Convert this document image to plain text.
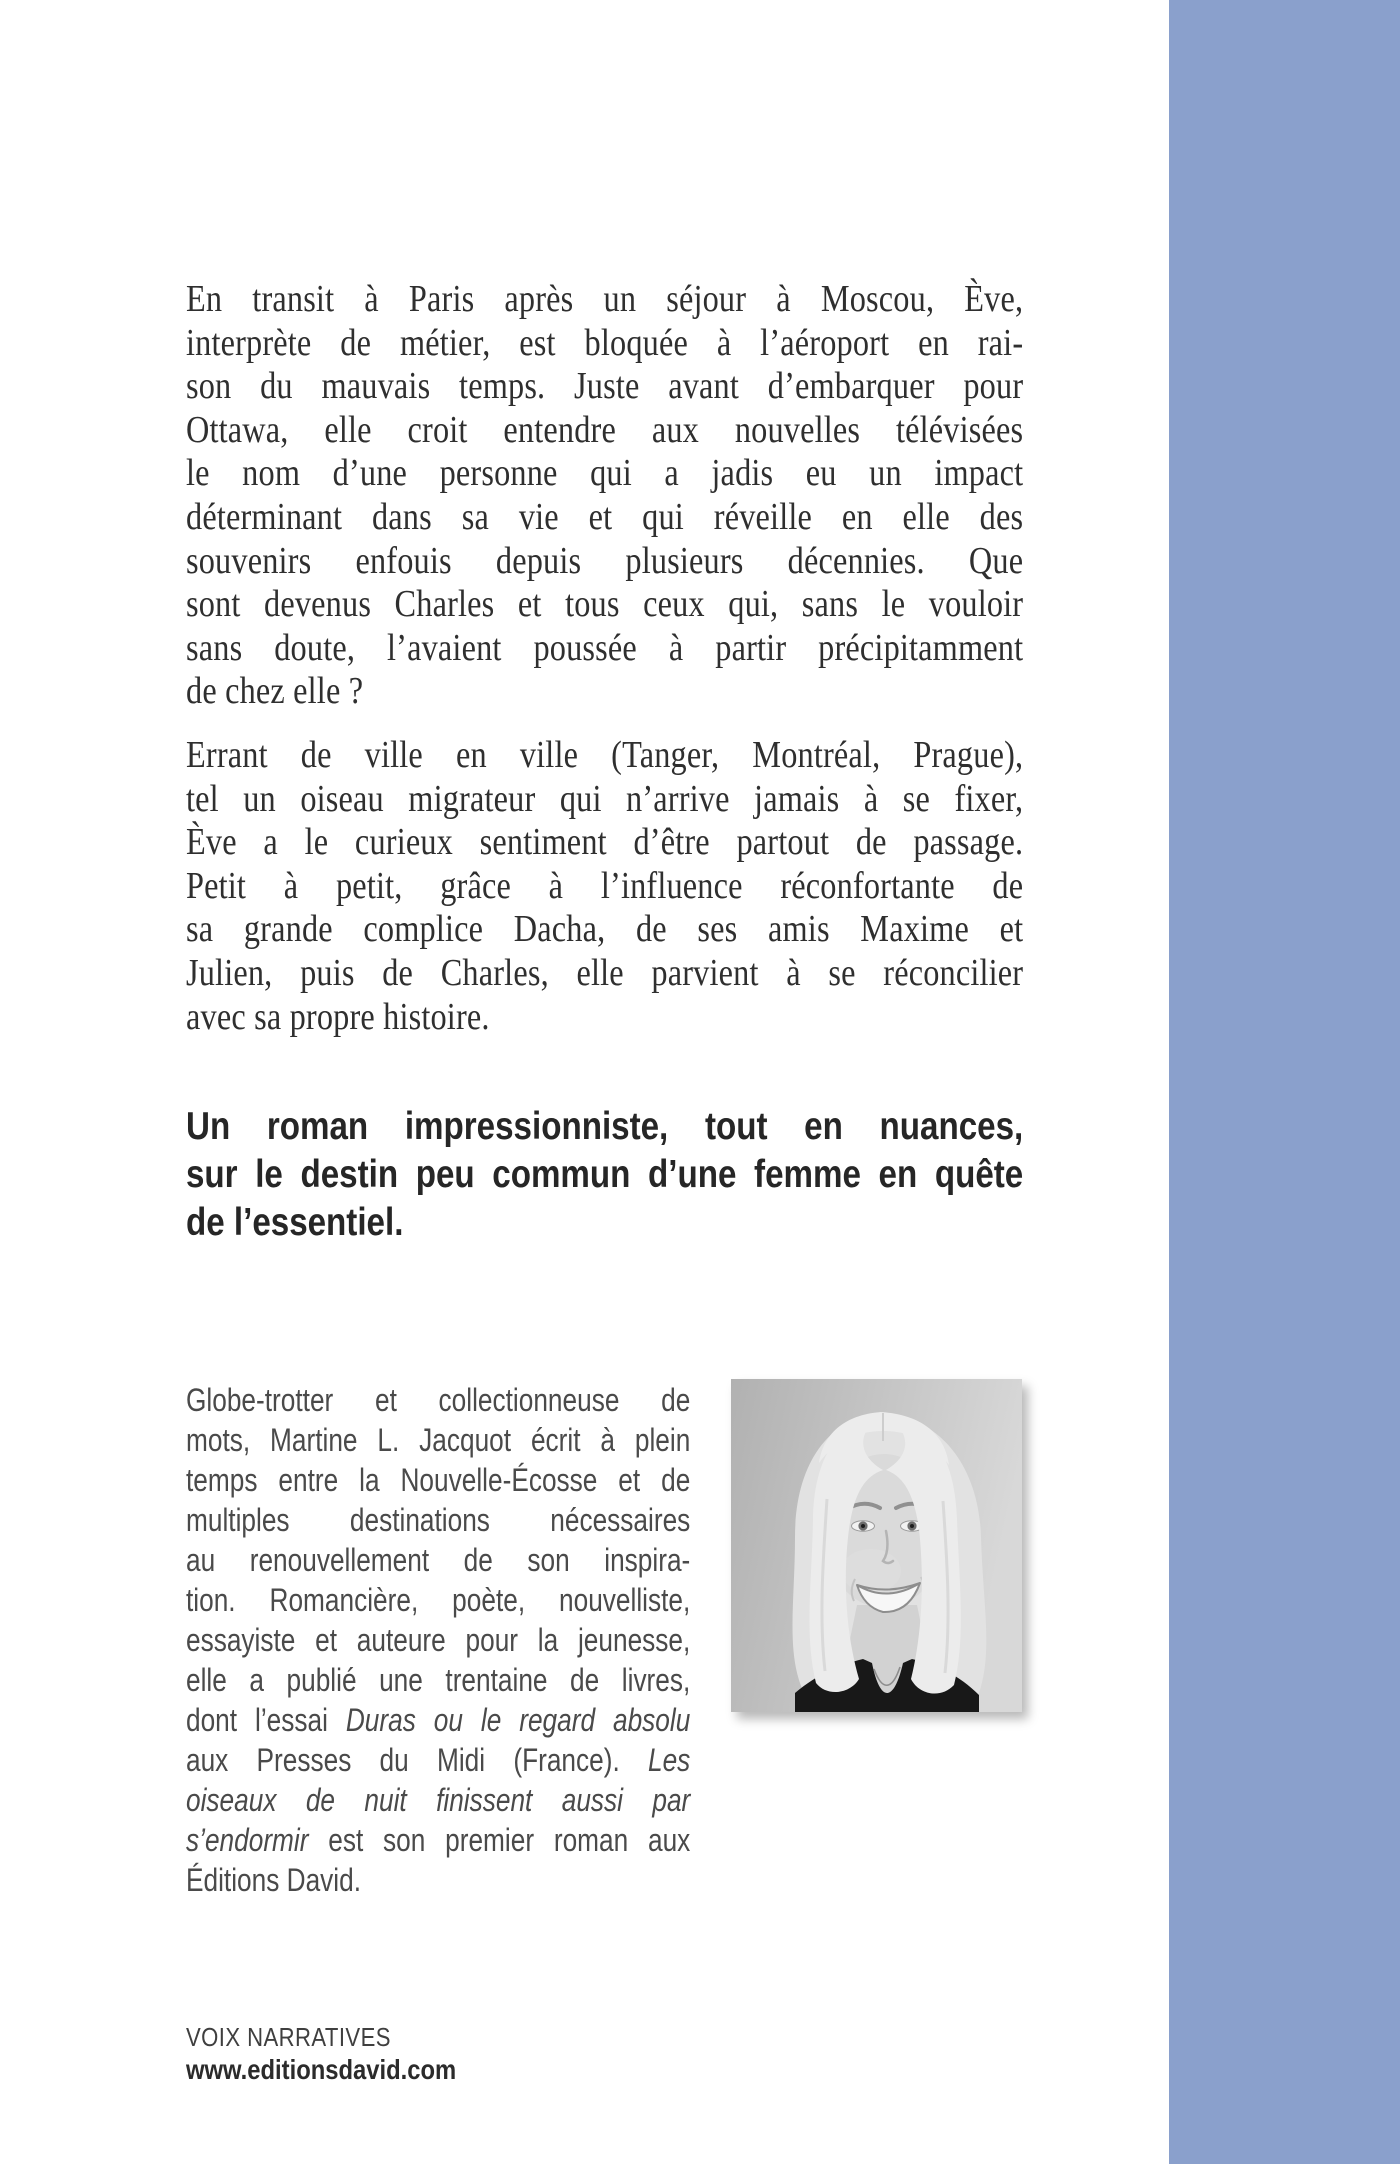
En transit à Paris après un séjour à Moscou, Ève,
interprète de métier, est bloquée à l’aéroport en rai-
son du mauvais temps. Juste avant d’embarquer pour
Ottawa, elle croit entendre aux nouvelles télévisées
le nom d’une personne qui a jadis eu un impact
déterminant dans sa vie et qui réveille en elle des
souvenirs enfouis depuis plusieurs décennies. Que
sont devenus Charles et tous ceux qui, sans le vouloir
sans doute, l’avaient poussée à partir précipitamment
de chez elle ?
Errant de ville en ville (Tanger, Montréal, Prague),
tel un oiseau migrateur qui n’arrive jamais à se fixer,
Ève a le curieux sentiment d’être partout de passage.
Petit à petit, grâce à l’influence réconfortante de
sa grande complice Dacha, de ses amis Maxime et
Julien, puis de Charles, elle parvient à se réconcilier
avec sa propre histoire.
Un roman impressionniste, tout en nuances,
sur le destin peu commun d’une femme en quête
de l’essentiel.
Globe-trotter et collectionneuse de
mots, Martine L. Jacquot écrit à plein
temps entre la Nouvelle-Écosse et de
multiples destinations nécessaires
au renouvellement de son inspira-
tion. Romancière, poète, nouvelliste,
essayiste et auteure pour la jeunesse,
elle a publié une trentaine de livres,
dont l’essai Duras ou le regard absolu
aux Presses du Midi (France). Les
oiseaux de nuit finissent aussi par
s’endormir est son premier roman aux
Éditions David.
VOIX NARRATIVES
www.editionsdavid.com
